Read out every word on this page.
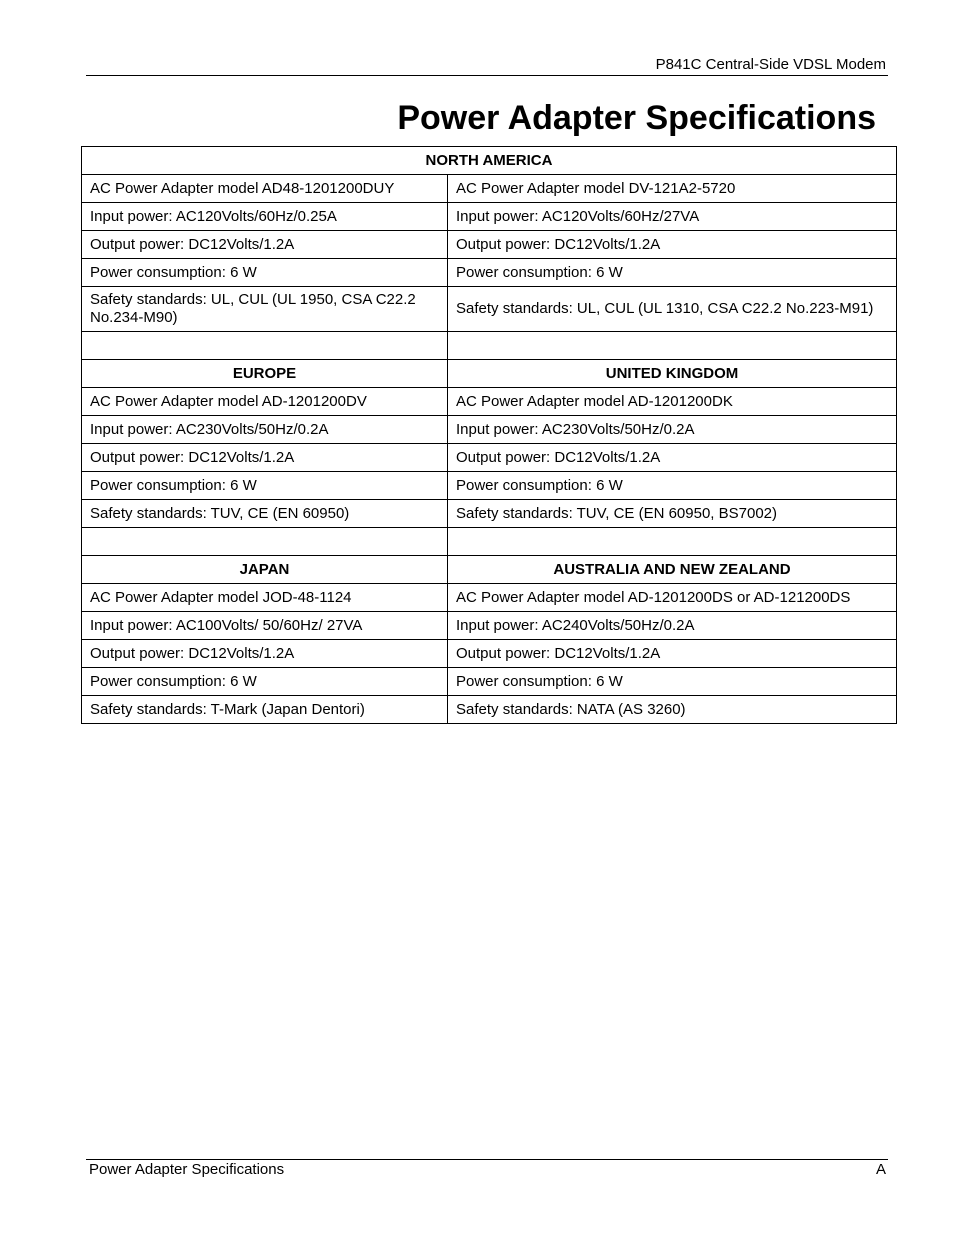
P841C Central-Side VDSL Modem
Power Adapter Specifications
NORTH AMERICA	
AC Power Adapter model AD48-1201200DUY	AC Power Adapter model DV-121A2-5720
Input power: AC120Volts/60Hz/0.25A	Input power: AC120Volts/60Hz/27VA
Output power: DC12Volts/1.2A	Output power: DC12Volts/1.2A
Power consumption: 6 W	Power consumption: 6 W
Safety standards: UL, CUL (UL 1950, CSA C22.2 No.234-M90)	Safety standards: UL, CUL (UL 1310, CSA C22.2 No.223-M91)

EUROPE	UNITED KINGDOM
AC Power Adapter model AD-1201200DV	AC Power Adapter model AD-1201200DK
Input power: AC230Volts/50Hz/0.2A	Input power: AC230Volts/50Hz/0.2A
Output power: DC12Volts/1.2A	Output power: DC12Volts/1.2A
Power consumption: 6 W	Power consumption: 6 W
Safety standards: TUV, CE (EN 60950)	Safety standards: TUV, CE (EN 60950, BS7002)

JAPAN	AUSTRALIA AND NEW ZEALAND
AC Power Adapter model JOD-48-1124	AC Power Adapter model AD-1201200DS or AD-121200DS
Input power: AC100Volts/ 50/60Hz/ 27VA	Input power: AC240Volts/50Hz/0.2A
Output power: DC12Volts/1.2A	Output power: DC12Volts/1.2A
Power consumption: 6 W	Power consumption: 6 W
Safety standards: T-Mark (Japan Dentori)	Safety standards: NATA (AS 3260)
Power Adapter Specifications	A
